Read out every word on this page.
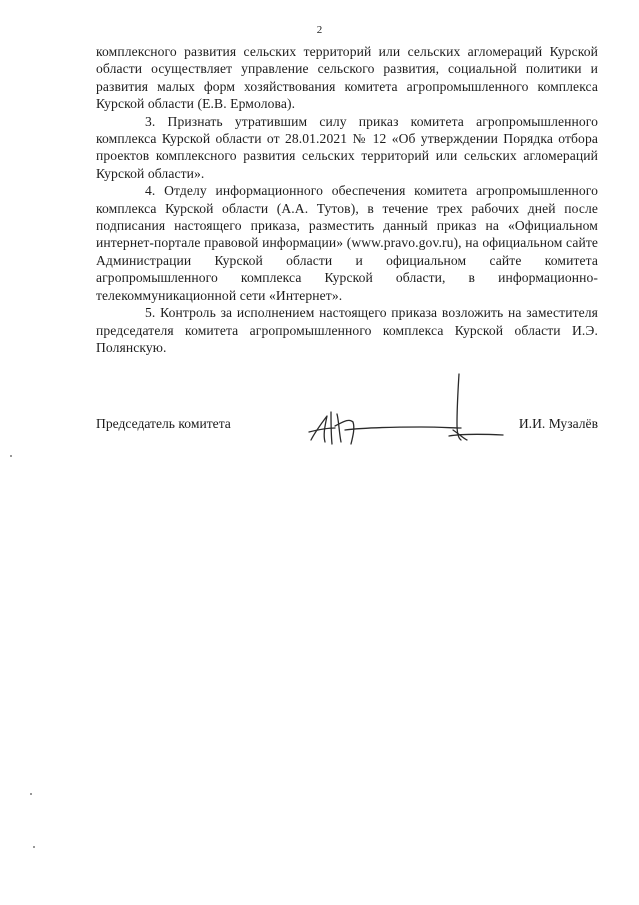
2

комплексного развития сельских территорий или сельских агломераций Курской области осуществляет управление сельского развития, социальной политики и развития малых форм хозяйствования комитета агропромышленного комплекса Курской области (Е.В. Ермолова).

3. Признать утратившим силу приказ комитета агропромышленного комплекса Курской области от 28.01.2021 № 12 «Об утверждении Порядка отбора проектов комплексного развития сельских территорий или сельских агломераций Курской области».

4. Отделу информационного обеспечения комитета агропромышленного комплекса Курской области (А.А. Тутов), в течение трех рабочих дней после подписания настоящего приказа, разместить данный приказ на «Официальном интернет-портале правовой информации» (www.pravo.gov.ru), на официальном сайте Администрации Курской области и официальном сайте комитета агропромышленного комплекса Курской области, в информационно-телекоммуникационной сети «Интернет».

5. Контроль за исполнением настоящего приказа возложить на заместителя председателя комитета агропромышленного комплекса Курской области И.Э. Полянскую.

Председатель комитета	И.И. Музалёв
